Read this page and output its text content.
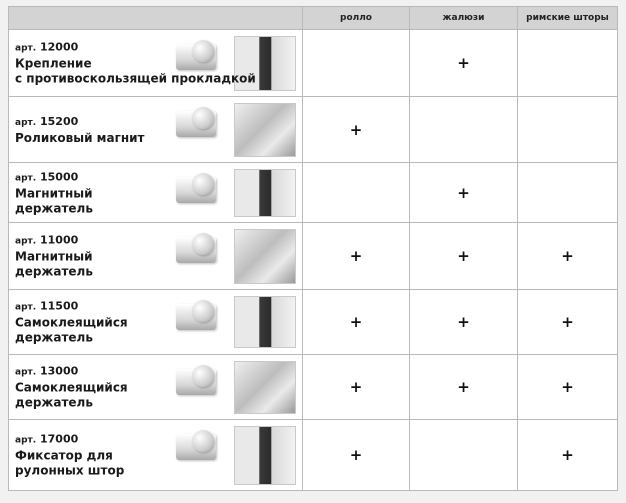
	ролло	жалюзи	римские шторы

арт. 12000
Крепление
с противоскользящей прокладкой		+	

арт. 15200
Роликовый магнит	+		

арт. 15000
Магнитный
держатель		+	

арт. 11000
Магнитный
держатель	+	+	+

арт. 11500
Самоклеящийся
держатель	+	+	+

арт. 13000
Самоклеящийся
держатель	+	+	+

арт. 17000
Фиксатор для
рулонных штор	+		+
